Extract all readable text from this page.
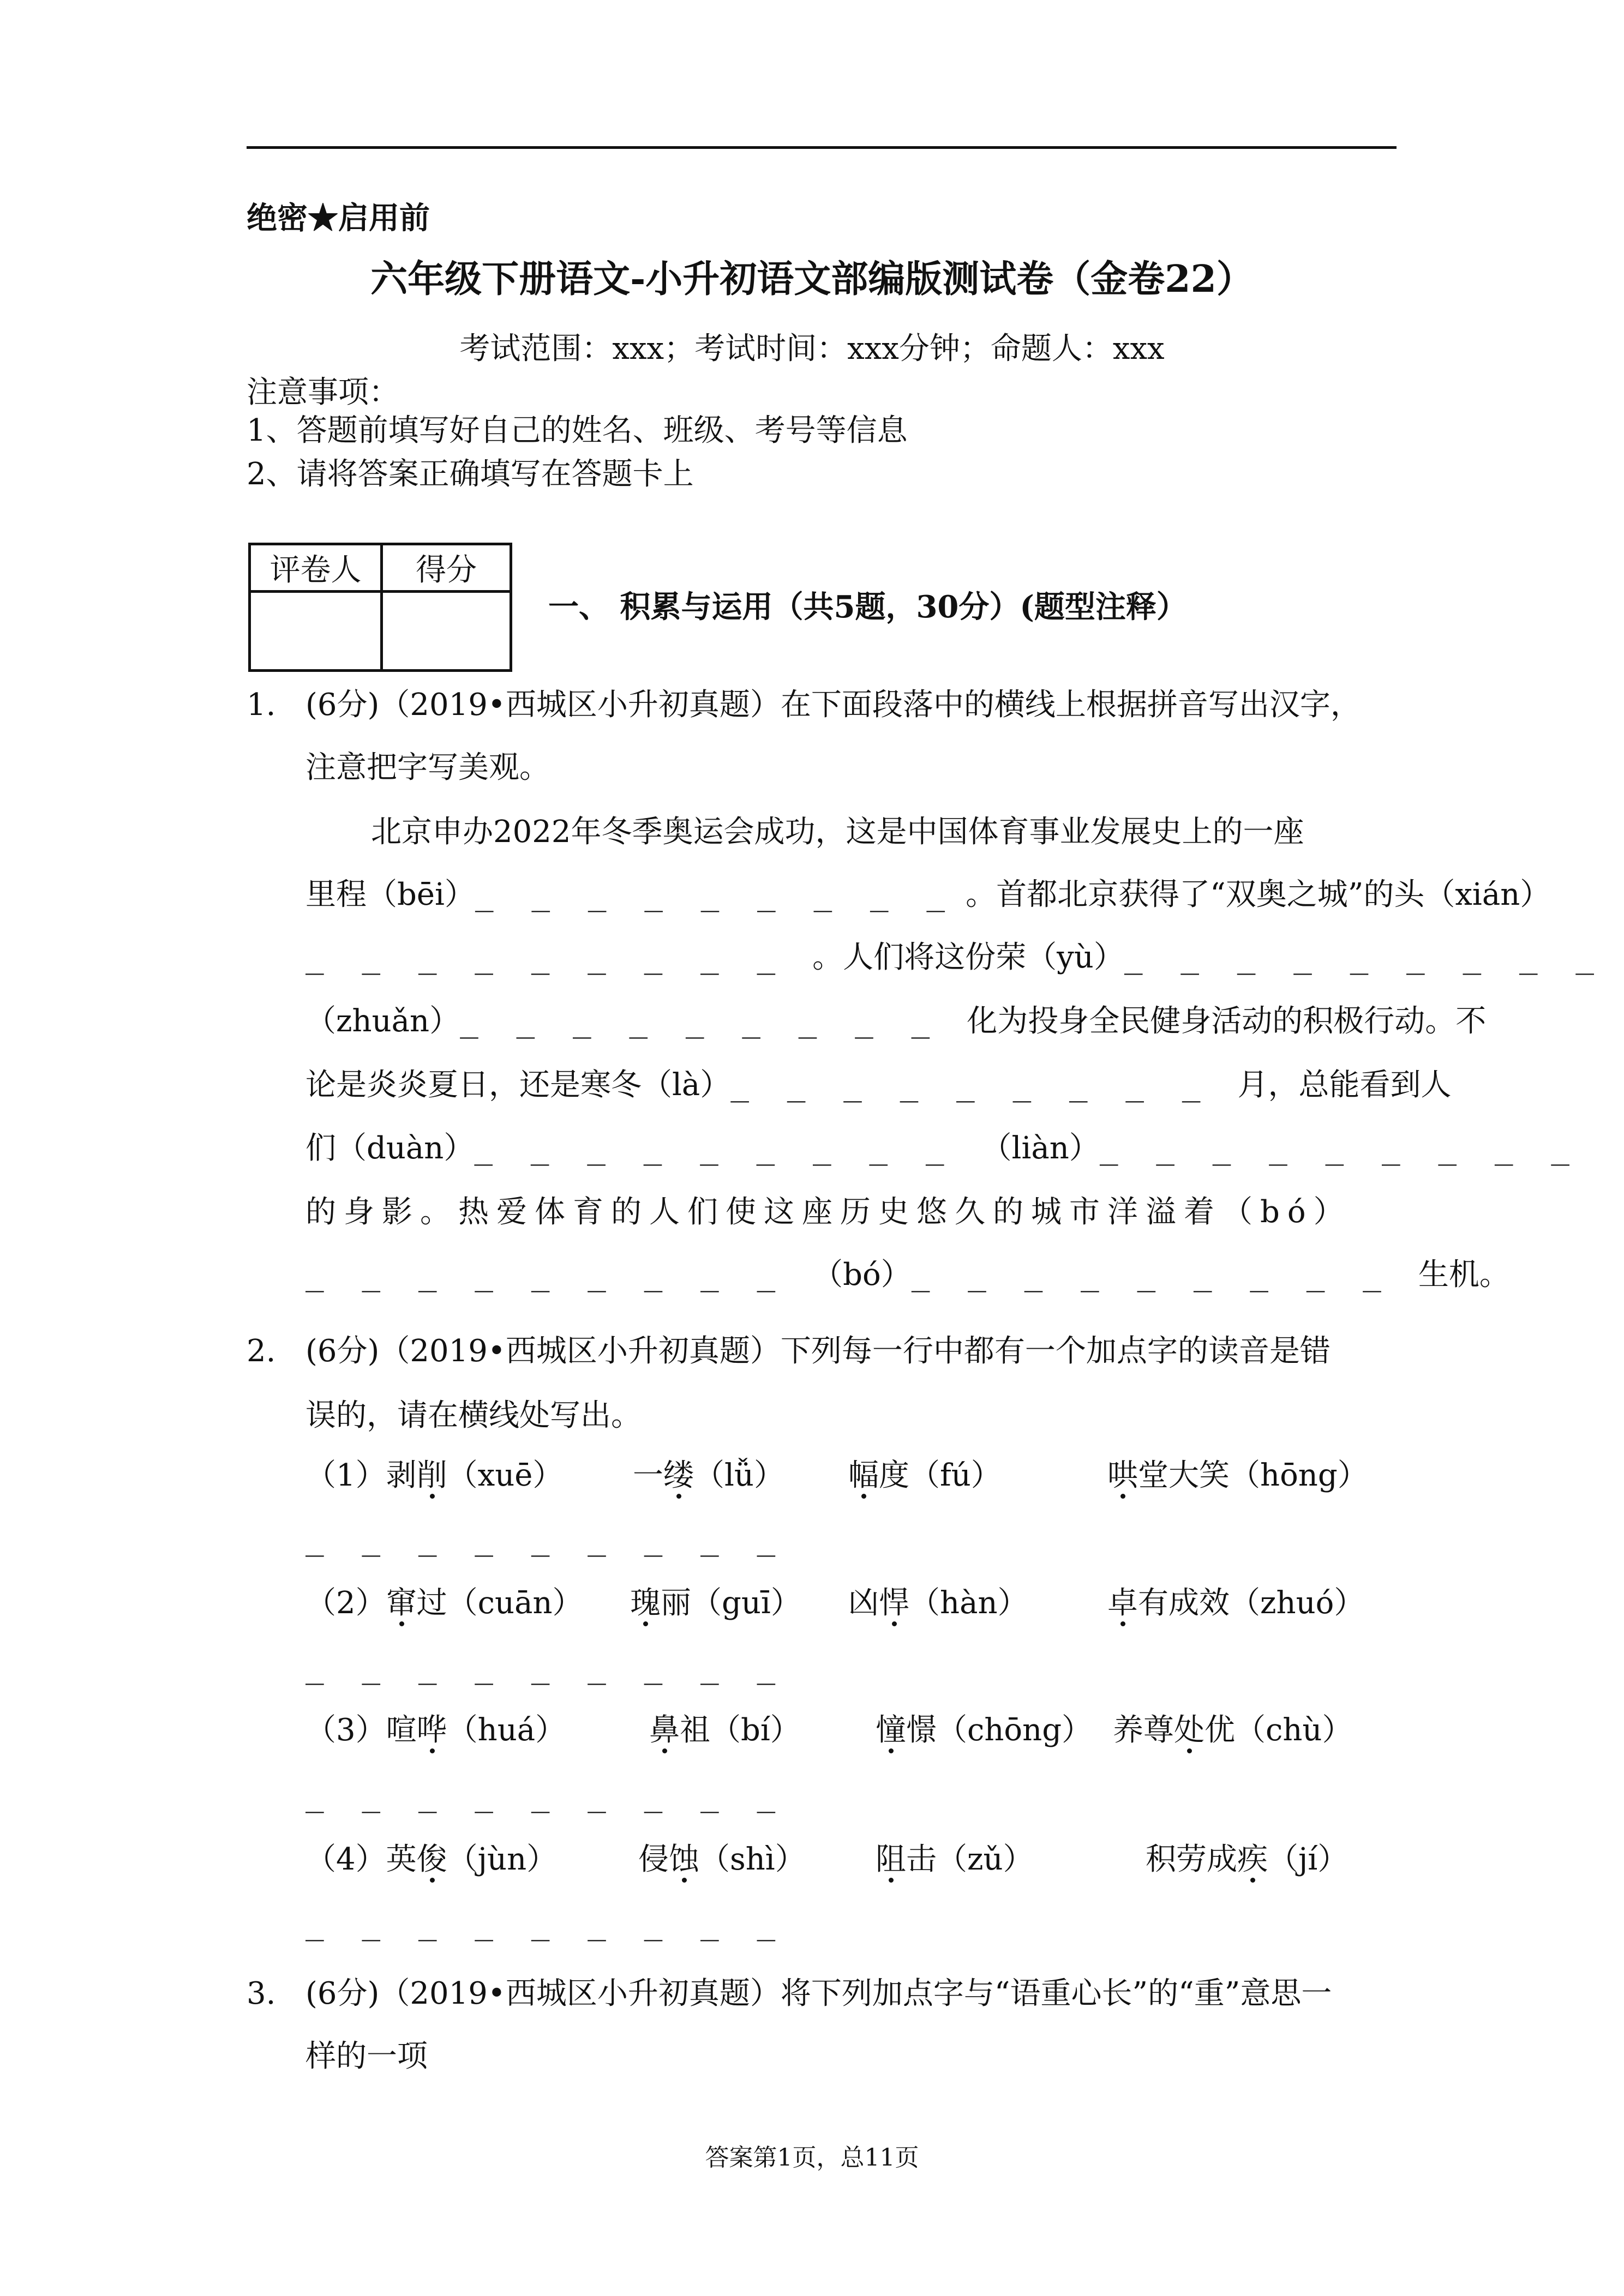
绝密★启用前
六年级下册语文-小升初语文部编版测试卷（金卷22）
考试范围：xxx；考试时间：xxx分钟；命题人：xxx
注意事项：
1、答题前填写好自己的姓名、班级、考号等信息
2、请将答案正确填写在答题卡上
评卷人	得分

一、 积累与运用（共5题，30分）(题型注释）
1. (6分)（2019•西城区小升初真题）在下面段落中的横线上根据拼音写出汉字，
注意把字写美观。
北京申办2022年冬季奥运会成功，这是中国体育事业发展史上的一座
里程（bēi）_ _ _ _ _ _ _ _ _ 。首都北京获得了“双奥之城”的头（xián）
_ _ _ _ _ _ _ _ _ 。人们将这份荣（yù）_ _ _ _ _ _ _ _ _
（zhuǎn）_ _ _ _ _ _ _ _ _ 化为投身全民健身活动的积极行动。不
论是炎炎夏日，还是寒冬（là）_ _ _ _ _ _ _ _ _ 月，总能看到人
们（duàn）_ _ _ _ _ _ _ _ _ （liàn）_ _ _ _ _ _ _ _ _
的身影。热爱体育的人们使这座历史悠久的城市洋溢着（bó）
_ _ _ _ _ _ _ _ _ （bó）_ _ _ _ _ _ _ _ _ 生机。
2. (6分)（2019•西城区小升初真题）下列每一行中都有一个加点字的读音是错
误的，请在横线处写出。
（1）剥削（xuē） 一缕（lǚ） 幅度（fú）	哄堂大笑（hōng）
_ _ _ _ _ _ _ _ _
（2）窜过（cuān） 瑰丽（guī） 凶悍（hàn）	卓有成效（zhuó）
_ _ _ _ _ _ _ _ _
（3）喧哗（huá）	鼻祖（bí） 憧憬（chōng） 养尊处优（chù）
_ _ _ _ _ _ _ _ _
（4）英俊（jùn）	侵蚀（shì） 阻击（zǔ）	积劳成疾（jí）
_ _ _ _ _ _ _ _ _
3. (6分)（2019•西城区小升初真题）将下列加点字与“语重心长”的“重”意思一
样的一项
答案第1页，总11页
